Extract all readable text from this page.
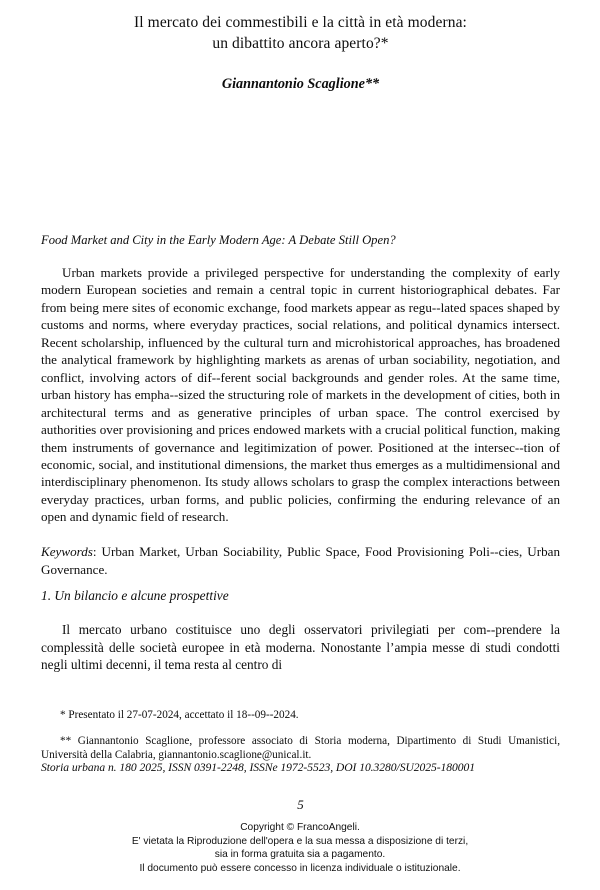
Il mercato dei commestibili e la città in età moderna:
un dibattito ancora aperto?*
Giannantonio Scaglione**
Food Market and City in the Early Modern Age: A Debate Still Open?
Urban markets provide a privileged perspective for understanding the complexity of early modern European societies and remain a central topic in current historiographical debates. Far from being mere sites of economic exchange, food markets appear as regu--lated spaces shaped by customs and norms, where everyday practices, social relations, and political dynamics intersect. Recent scholarship, influenced by the cultural turn and microhistorical approaches, has broadened the analytical framework by highlighting markets as arenas of urban sociability, negotiation, and conflict, involving actors of dif--ferent social backgrounds and gender roles. At the same time, urban history has empha--sized the structuring role of markets in the development of cities, both in architectural terms and as generative principles of urban space. The control exercised by authorities over provisioning and prices endowed markets with a crucial political function, making them instruments of governance and legitimization of power. Positioned at the intersec--tion of economic, social, and institutional dimensions, the market thus emerges as a multidimensional and interdisciplinary phenomenon. Its study allows scholars to grasp the complex interactions between everyday practices, urban forms, and public policies, confirming the enduring relevance of an open and dynamic field of research.

Keywords: Urban Market, Urban Sociability, Public Space, Food Provisioning Poli--cies, Urban Governance.

1. Un bilancio e alcune prospettive
Il mercato urbano costituisce uno degli osservatori privilegiati per com--prendere la complessità delle società europee in età moderna. Nonostante l’ampia messe di studi condotti negli ultimi decenni, il tema resta al centro di

* Presentato il 27-07-2024, accettato il 18--09--2024.

** Giannantonio Scaglione, professore associato di Storia moderna, Dipartimento di Studi Umanistici, Università della Calabria, giannantonio.scaglione@unical.it.

Storia urbana n. 180 2025, ISSN 0391-2248, ISSNe 1972-5523, DOI 10.3280/SU2025-180001
5
Copyright © FrancoAngeli.
E' vietata la Riproduzione dell'opera e la sua messa a disposizione di terzi,
sia in forma gratuita sia a pagamento.
Il documento può essere concesso in licenza individuale o istituzionale.
